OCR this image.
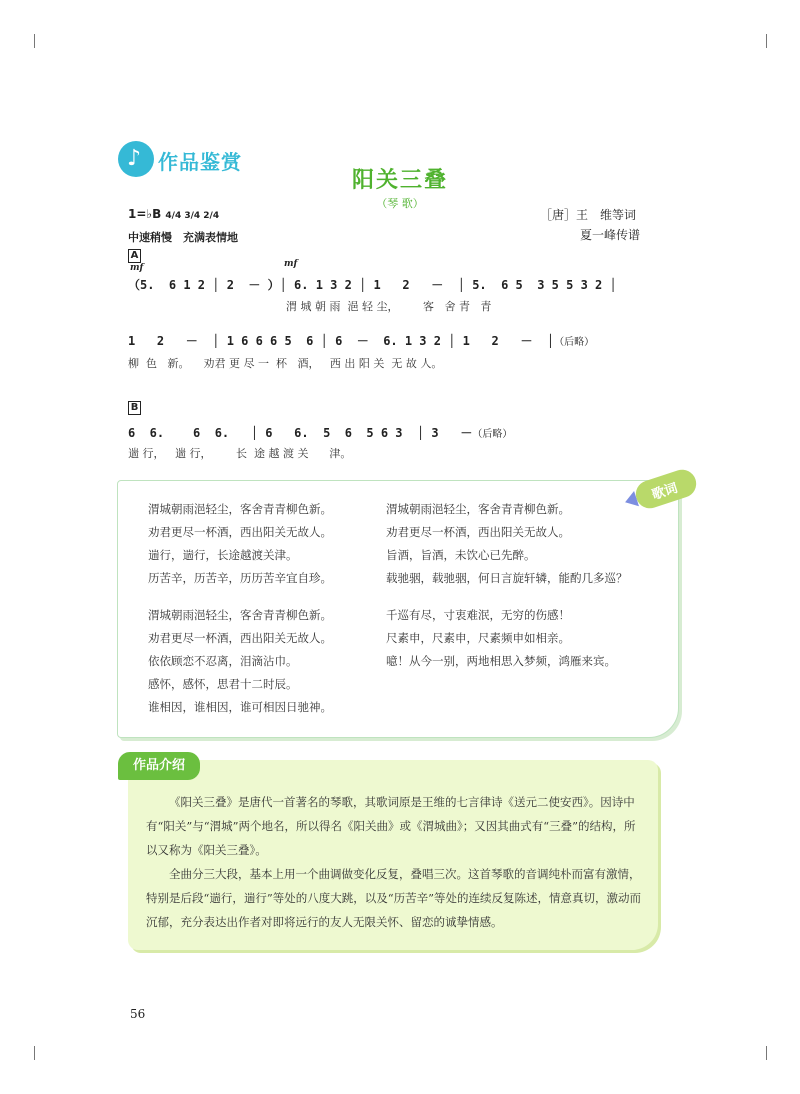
♪ 作品鉴赏
阳关三叠
（琴 歌）
1=♭B 4/4 3/4 2/4
中速稍慢　充满表情地
［唐］王　维等词
夏一峰传谱
A
mf	mf
（5.  6 1 2 │ 2  － ）│ 6. 1 3 2 │ 1   2   －  │ 5.  6 5  3 5 5 3 2 │
渭 城 朝 雨  浥 轻 尘，       客   舍 青   青
1   2   －  │ 1 6 6 6 5  6 │ 6  －  6. 1 3 2 │ 1   2   －  │（后略）
柳  色   新。    劝君 更 尽 一  杯   酒，   西 出 阳 关  无 故 人。
B
6  6.    6  6.   │ 6   6.  5  6  5 6 3  │ 3   －（后略）
遄 行，   遄 行，       长  途 越 渡 关      津。
渭城朝雨浥轻尘，客舍青青柳色新。
劝君更尽一杯酒，西出阳关无故人。
遄行，遄行，长途越渡关津。
历苦辛，历苦辛，历历苦辛宜自珍。
渭城朝雨浥轻尘，客舍青青柳色新。
劝君更尽一杯酒，西出阳关无故人。
依依顾恋不忍离，泪滴沾巾。
感怀，感怀，思君十二时辰。
谁相因，谁相因，谁可相因日驰神。
渭城朝雨浥轻尘，客舍青青柳色新。
劝君更尽一杯酒，西出阳关无故人。
旨酒，旨酒，未饮心已先醉。
载驰骃，载驰骃，何日言旋轩辚，能酌几多巡？
千巡有尽，寸衷难泯，无穷的伤感！
尺素申，尺素申，尺素频申如相亲。
噫！从今一别，两地相思入梦频，鸿雁来宾。
歌词
作品介绍

《阳关三叠》是唐代一首著名的琴歌，其歌词原是王维的七言律诗《送元二使安西》。因诗中有“阳关”与“渭城”两个地名，所以得名《阳关曲》或《渭城曲》；又因其曲式有“三叠”的结构，所以又称为《阳关三叠》。

全曲分三大段，基本上用一个曲调做变化反复，叠唱三次。这首琴歌的音调纯朴而富有激情，特别是后段“遄行，遄行”等处的八度大跳，以及“历苦辛”等处的连续反复陈述，情意真切，激动而沉郁，充分表达出作者对即将远行的友人无限关怀、留恋的诚挚情感。

56
